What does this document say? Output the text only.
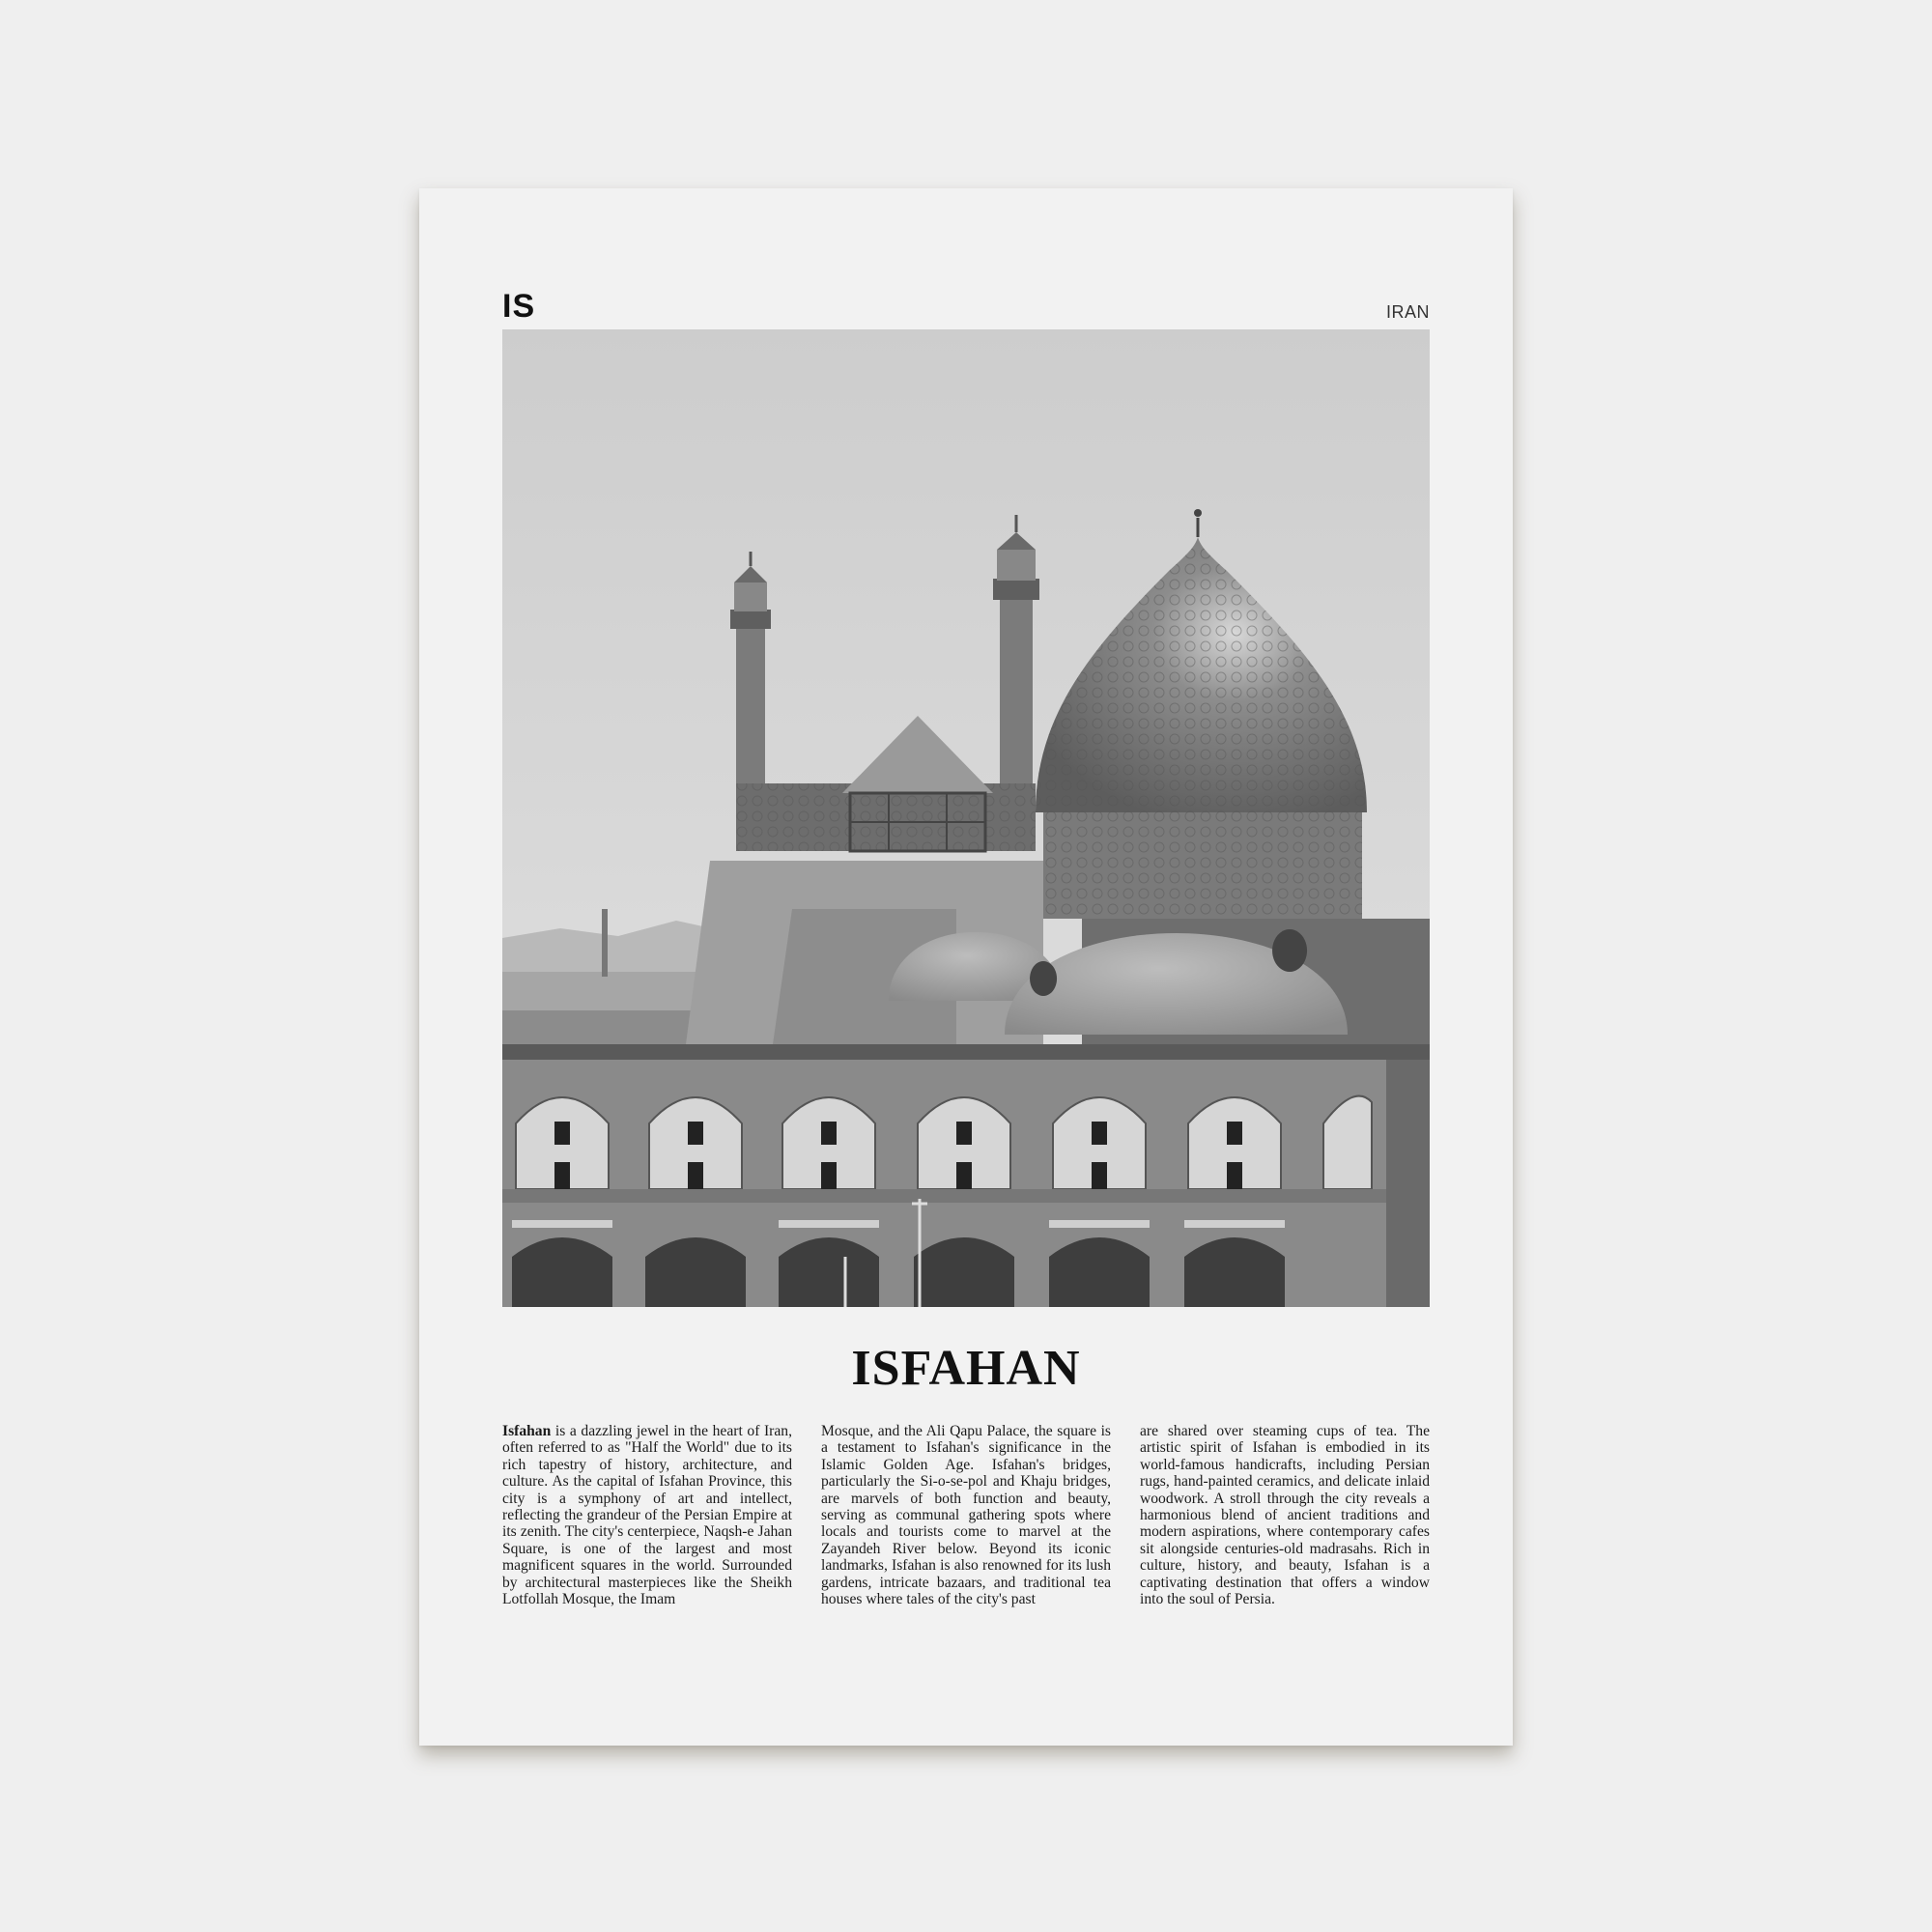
IS	IRAN
ISFAHAN
Isfahan is a dazzling jewel in the heart of Iran, often referred to as "Half the World" due to its rich tapestry of history, architecture, and culture. As the capital of Isfahan Province, this city is a symphony of art and intellect, reflecting the grandeur of the Persian Empire at its zenith. The city's centerpiece, Naqsh-e Jahan Square, is one of the largest and most magnificent squares in the world. Surrounded by architectural masterpieces like the Sheikh Lotfollah Mosque, the Imam
Mosque, and the Ali Qapu Palace, the square is a testament to Isfahan's significance in the Islamic Golden Age. Isfahan's bridges, particularly the Si-o-se-pol and Khaju bridges, are marvels of both function and beauty, serving as communal gathering spots where locals and tourists come to marvel at the Zayandeh River below. Beyond its iconic landmarks, Isfahan is also renowned for its lush gardens, intricate bazaars, and traditional tea houses where tales of the city's past
are shared over steaming cups of tea. The artistic spirit of Isfahan is embodied in its world-famous handicrafts, including Persian rugs, hand-painted ceramics, and delicate inlaid woodwork. A stroll through the city reveals a harmonious blend of ancient traditions and modern aspirations, where contemporary cafes sit alongside centuries-old madrasahs. Rich in culture, history, and beauty, Isfahan is a captivating destination that offers a window into the soul of Persia.
